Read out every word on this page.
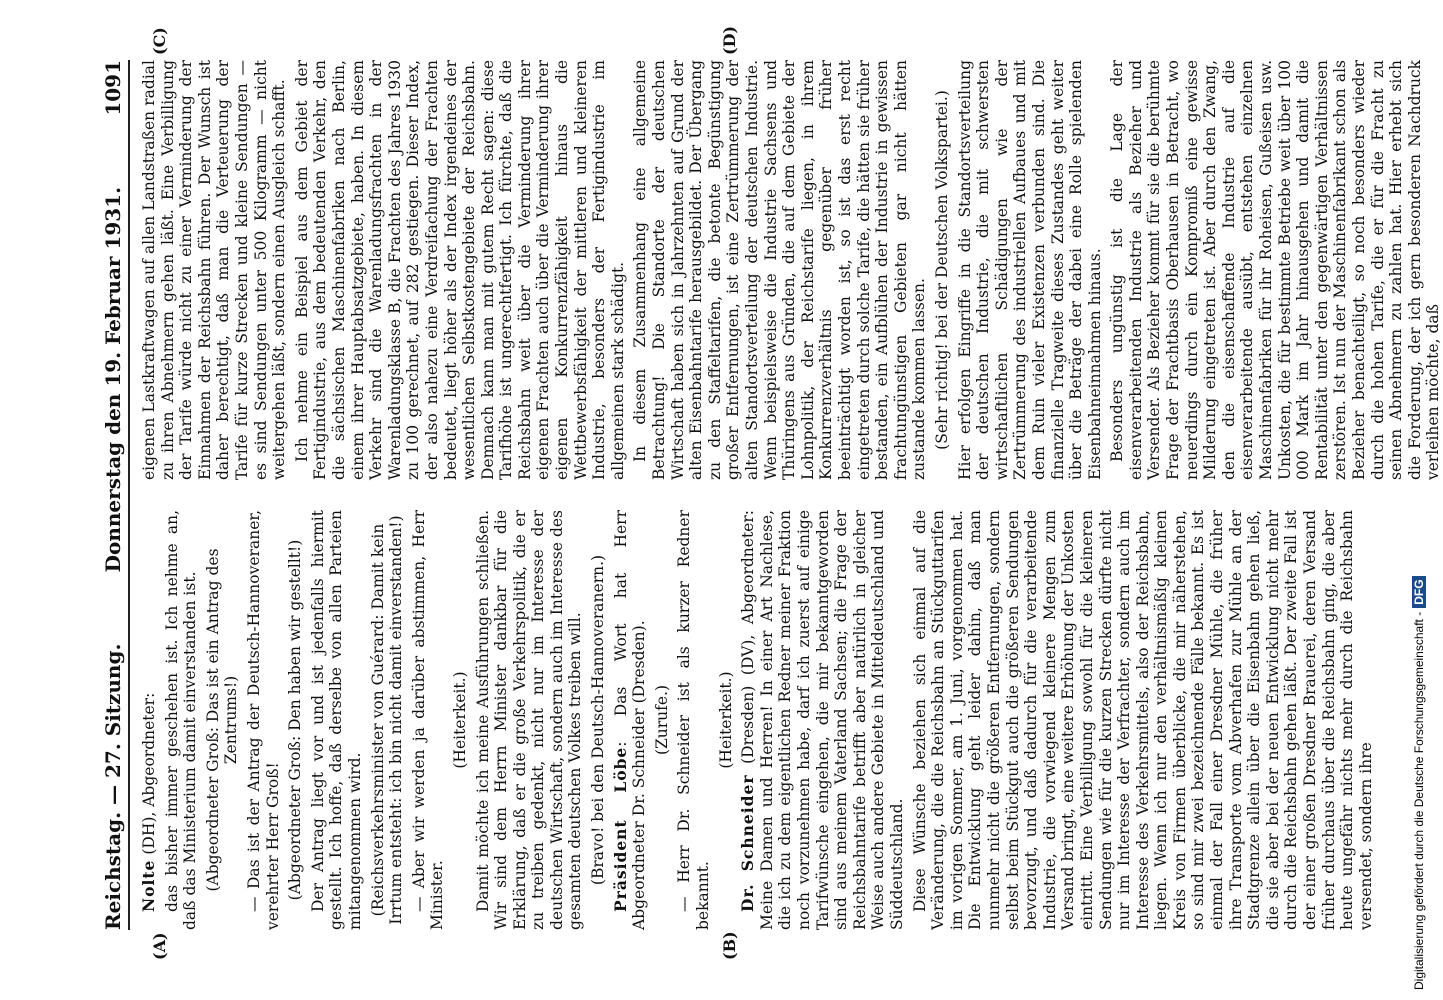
Reichstag. — 27. Sitzung.
Donnerstag den 19. Februar 1931.
1091
(A)	(B)
(C)	(D)

Nolte (DH), Abgeordneter: das bisher immer geschehen ist. Ich nehme an, daß das Ministerium damit einverstanden ist. (Abgeordneter Groß: Das ist ein Antrag des Zentrums!) — Das ist der Antrag der Deutsch-Hannoveraner, verehrter Herr Groß! (Abgeordneter Groß: Den haben wir gestellt!) Der Antrag liegt vor und ist jedenfalls hiermit gestellt. Ich hoffe, daß derselbe von allen Parteien mitangenommen wird. (Reichsverkehrsminister von Guérard: Damit kein Irrtum entsteht: ich bin nicht damit einverstanden!) — Aber wir werden ja darüber abstimmen, Herr Minister.

(Heiterkeit.) Damit möchte ich meine Ausführungen schließen. Wir sind dem Herrn Minister dankbar für die Erklärung, daß er die große Verkehrspolitik, die er zu treiben gedenkt, nicht nur im Interesse der deutschen Wirtschaft, sondern auch im Interesse des gesamten deutschen Volkes treiben will. (Bravo! bei den Deutsch-Hannoveranern.) Präsident Löbe: Das Wort hat Herr Abgeordneter Dr. Schneider (Dresden). (Zurufe.) — Herr Dr. Schneider ist als kurzer Redner bekannt.

(Heiterkeit.)

Dr. Schneider (Dresden) (DV), Abgeordneter: Meine Damen und Herren! In einer Art Nachlese, die ich zu dem eigentlichen Redner meiner Fraktion noch vorzunehmen habe, darf ich zuerst auf einige Tarifwünsche eingehen, die mir bekanntgeworden sind aus meinem Vaterland Sachsen; die Frage der Reichsbahntarife betrifft aber natürlich in gleicher Weise auch andere Gebiete in Mitteldeutschland und Süddeutschland. Diese Wünsche beziehen sich einmal auf die Veränderung, die die Reichsbahn an Stückguttarifen im vorigen Sommer, am 1. Juni, vorgenommen hat. Die Entwicklung geht leider dahin, daß man nunmehr nicht die größeren Entfernungen, sondern selbst beim Stückgut auch die größeren Sendungen bevorzugt, und daß dadurch für die verarbeitende Industrie, die vorwiegend kleinere Mengen zum Versand bringt, eine weitere Erhöhung der Unkosten eintritt. Eine Verbilligung sowohl für die kleineren Sendungen wie für die kurzen Strecken dürfte nicht nur im Interesse der Verfrachter, sondern auch im Interesse des Verkehrsmittels, also der Reichsbahn, liegen. Wenn ich nur den verhältnismäßig kleinen Kreis von Firmen überblicke, die mir näherstehen, so sind mir zwei bezeichnende Fälle bekannt. Es ist einmal der Fall einer Dresdner Mühle, die früher ihre Transporte vom Abverhafen zur Mühle an der Stadtgrenze allein über die Eisenbahn gehen ließ, die sie aber bei der neuen Entwicklung nicht mehr durch die Reichsbahn gehen läßt. Der zweite Fall ist der einer großen Dresdner Brauerei, deren Versand früher durchaus über die Reichsbahn ging, die aber heute ungefähr nichts mehr durch die Reichsbahn versendet, sondern ihre

eigenen Lastkraftwagen auf allen Landstraßen radial zu ihren Abnehmern gehen läßt. Eine Verbilligung der Tarife würde nicht zu einer Verminderung der Einnahmen der Reichsbahn führen. Der Wunsch ist daher berechtigt, daß man die Verteuerung der Tarife für kurze Strecken und kleine Sendungen — es sind Sendungen unter 500 Kilogramm — nicht weitergehen läßt, sondern einen Ausgleich schafft. Ich nehme ein Beispiel aus dem Gebiet der Fertigindustrie, aus dem bedeutenden Verkehr, den die sächsischen Maschinenfabriken nach Berlin, einem ihrer Hauptabsatzgebiete, haben. In diesem Verkehr sind die Warenladungsfrachten in der Warenladungsklasse B, die Frachten des Jahres 1930 zu 100 gerechnet, auf 282 gestiegen. Dieser Index, der also nahezu eine Verdreifachung der Frachten bedeutet, liegt höher als der Index irgendeines der wesentlichen Selbstkostengebiete der Reichsbahn. Demnach kann man mit gutem Recht sagen: diese Tarifhöhe ist ungerechtfertigt. Ich fürchte, daß die Reichsbahn weit über die Verminderung ihrer eigenen Frachten auch über die Verminderung ihrer eigenen Konkurrenzfähigkeit hinaus die Wettbewerbsfähigkeit der mittleren und kleineren Industrie, besonders der Fertigindustrie im allgemeinen stark schädigt. In diesem Zusammenhang eine allgemeine Betrachtung! Die Standorte der deutschen Wirtschaft haben sich in Jahrzehnten auf Grund der alten Eisenbahntarife herausgebildet. Der Übergang zu den Staffeltarifen, die betonte Begünstigung großer Entfernungen, ist eine Zertrümmerung der alten Standortsverteilung der deutschen Industrie. Wenn beispielsweise die Industrie Sachsens und Thüringens aus Gründen, die auf dem Gebiete der Lohnpolitik, der Reichstarife liegen, in ihrem Konkurrenzverhältnis gegenüber früher beeinträchtigt worden ist, so ist das erst recht eingetreten durch solche Tarife, die hätten sie früher bestanden, ein Aufblühen der Industrie in gewissen frachtungünstigen Gebieten gar nicht hätten zustande kommen lassen. (Sehr richtig! bei der Deutschen Volkspartei.) Hier erfolgen Eingriffe in die Standortsverteilung der deutschen Industrie, die mit schwersten wirtschaftlichen Schädigungen wie der Zertrümmerung des industriellen Aufbaues und mit dem Ruin vieler Existenzen verbunden sind. Die finanzielle Tragweite dieses Zustandes geht weiter über die Beträge der dabei eine Rolle spielenden Eisenbahneinnahmen hinaus. Besonders ungünstig ist die Lage der eisenverarbeitenden Industrie als Bezieher und Versender. Als Bezieher kommt für sie die berühmte Frage der Frachtbasis Oberhausen in Betracht, wo neuerdings durch ein Kompromiß eine gewisse Milderung eingetreten ist. Aber durch den Zwang, den die eisenschaffende Industrie auf die eisenverarbeitende ausübt, entstehen einzelnen Maschinenfabriken für ihr Roheisen, Gußeisen usw. Unkosten, die für bestimmte Betriebe weit über 100 000 Mark im Jahr hinausgehen und damit die Rentabilität unter den gegenwärtigen Verhältnissen zerstören. Ist nun der Maschinenfabrikant schon als Bezieher benachteiligt, so noch besonders wieder durch die hohen Tarife, die er für die Fracht zu seinen Abnehmern zu zahlen hat. Hier erhebt sich die Forderung, der ich gern besonderen Nachdruck verleihen möchte, daß

Digitalisierung gefördert durch die Deutsche Forschungsgemeinschaft -DFG
